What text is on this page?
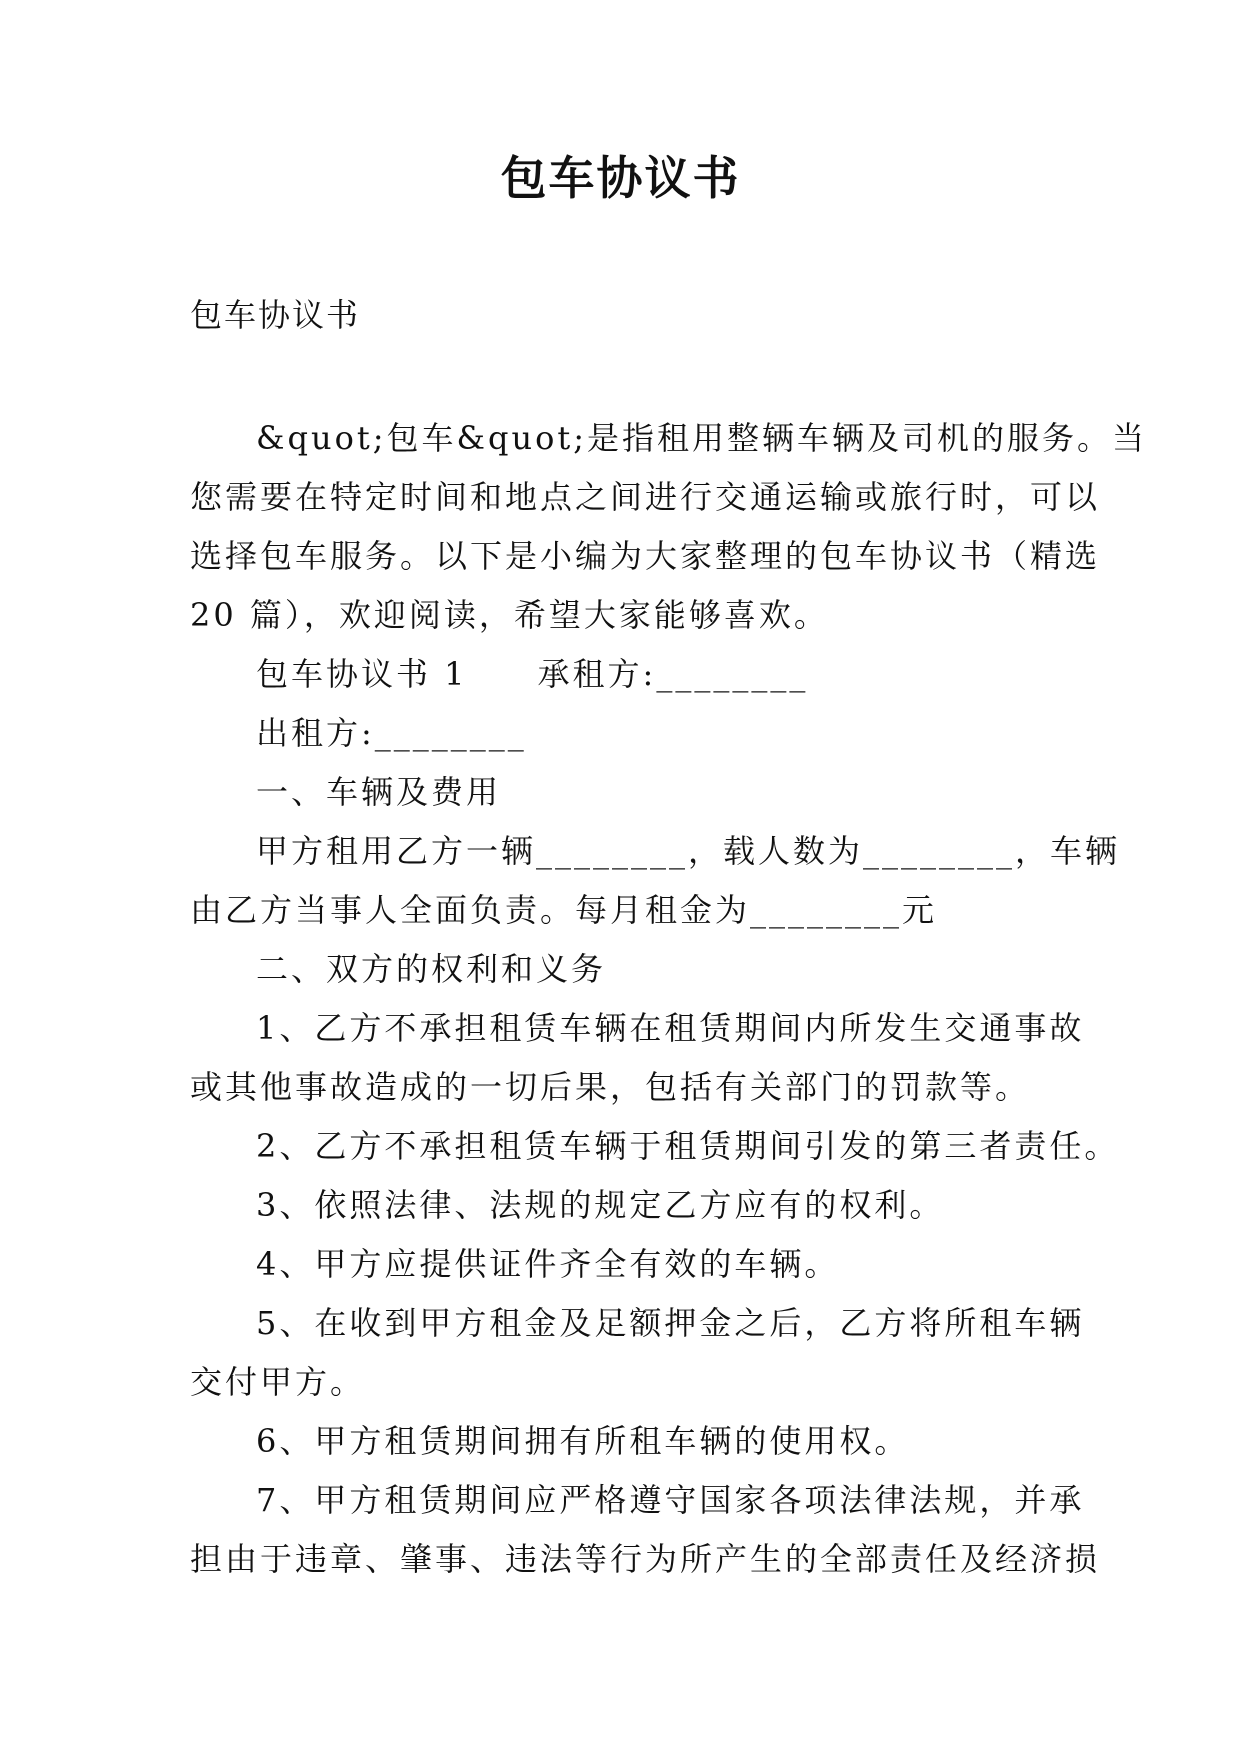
包车协议书
包车协议书
&quot;包车&quot;是指租用整辆车辆及司机的服务。当
您需要在特定时间和地点之间进行交通运输或旅行时，可以
选择包车服务。以下是小编为大家整理的包车协议书（精选
20 篇），欢迎阅读，希望大家能够喜欢。
包车协议书 1　　承租方:________
出租方:________
一、车辆及费用
甲方租用乙方一辆________，载人数为________，车辆
由乙方当事人全面负责。每月租金为________元
二、双方的权利和义务
1、乙方不承担租赁车辆在租赁期间内所发生交通事故
或其他事故造成的一切后果，包括有关部门的罚款等。
2、乙方不承担租赁车辆于租赁期间引发的第三者责任。
3、依照法律、法规的规定乙方应有的权利。
4、甲方应提供证件齐全有效的车辆。
5、在收到甲方租金及足额押金之后，乙方将所租车辆
交付甲方。
6、甲方租赁期间拥有所租车辆的使用权。
7、甲方租赁期间应严格遵守国家各项法律法规，并承
担由于违章、肇事、违法等行为所产生的全部责任及经济损
